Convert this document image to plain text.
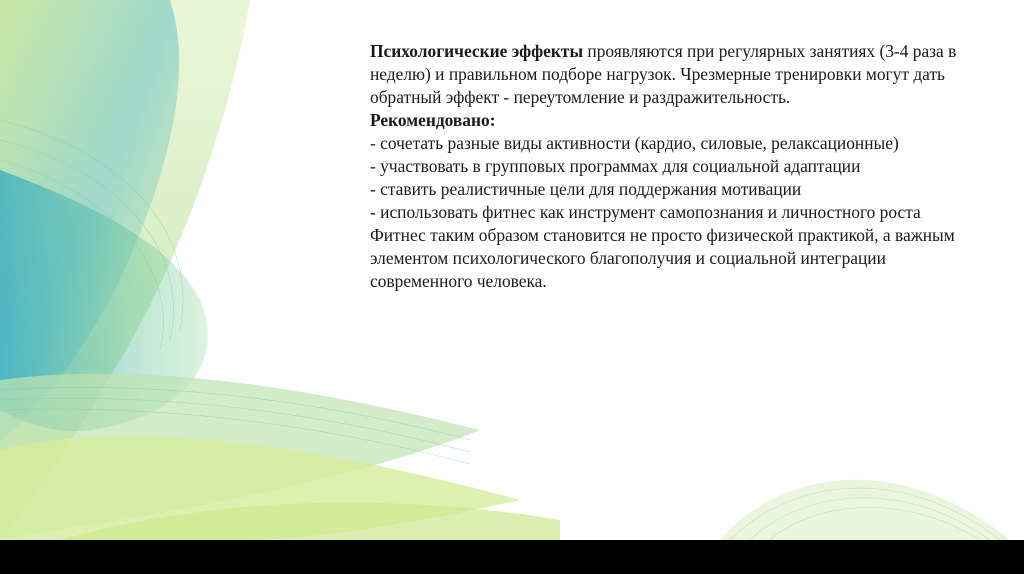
Психологические эффекты проявляются при регулярных занятиях (3-4 раза в неделю) и правильном подборе нагрузок. Чрезмерные тренировки могут дать обратный эффект - переутомление и раздражительность.

Рекомендовано:

- сочетать разные виды активности (кардио, силовые, релаксационные)

- участвовать в групповых программах для социальной адаптации

- ставить реалистичные цели для поддержания мотивации

- использовать фитнес как инструмент самопознания и личностного роста

Фитнес таким образом становится не просто физической практикой, а важным элементом психологического благополучия и социальной интеграции современного человека.
